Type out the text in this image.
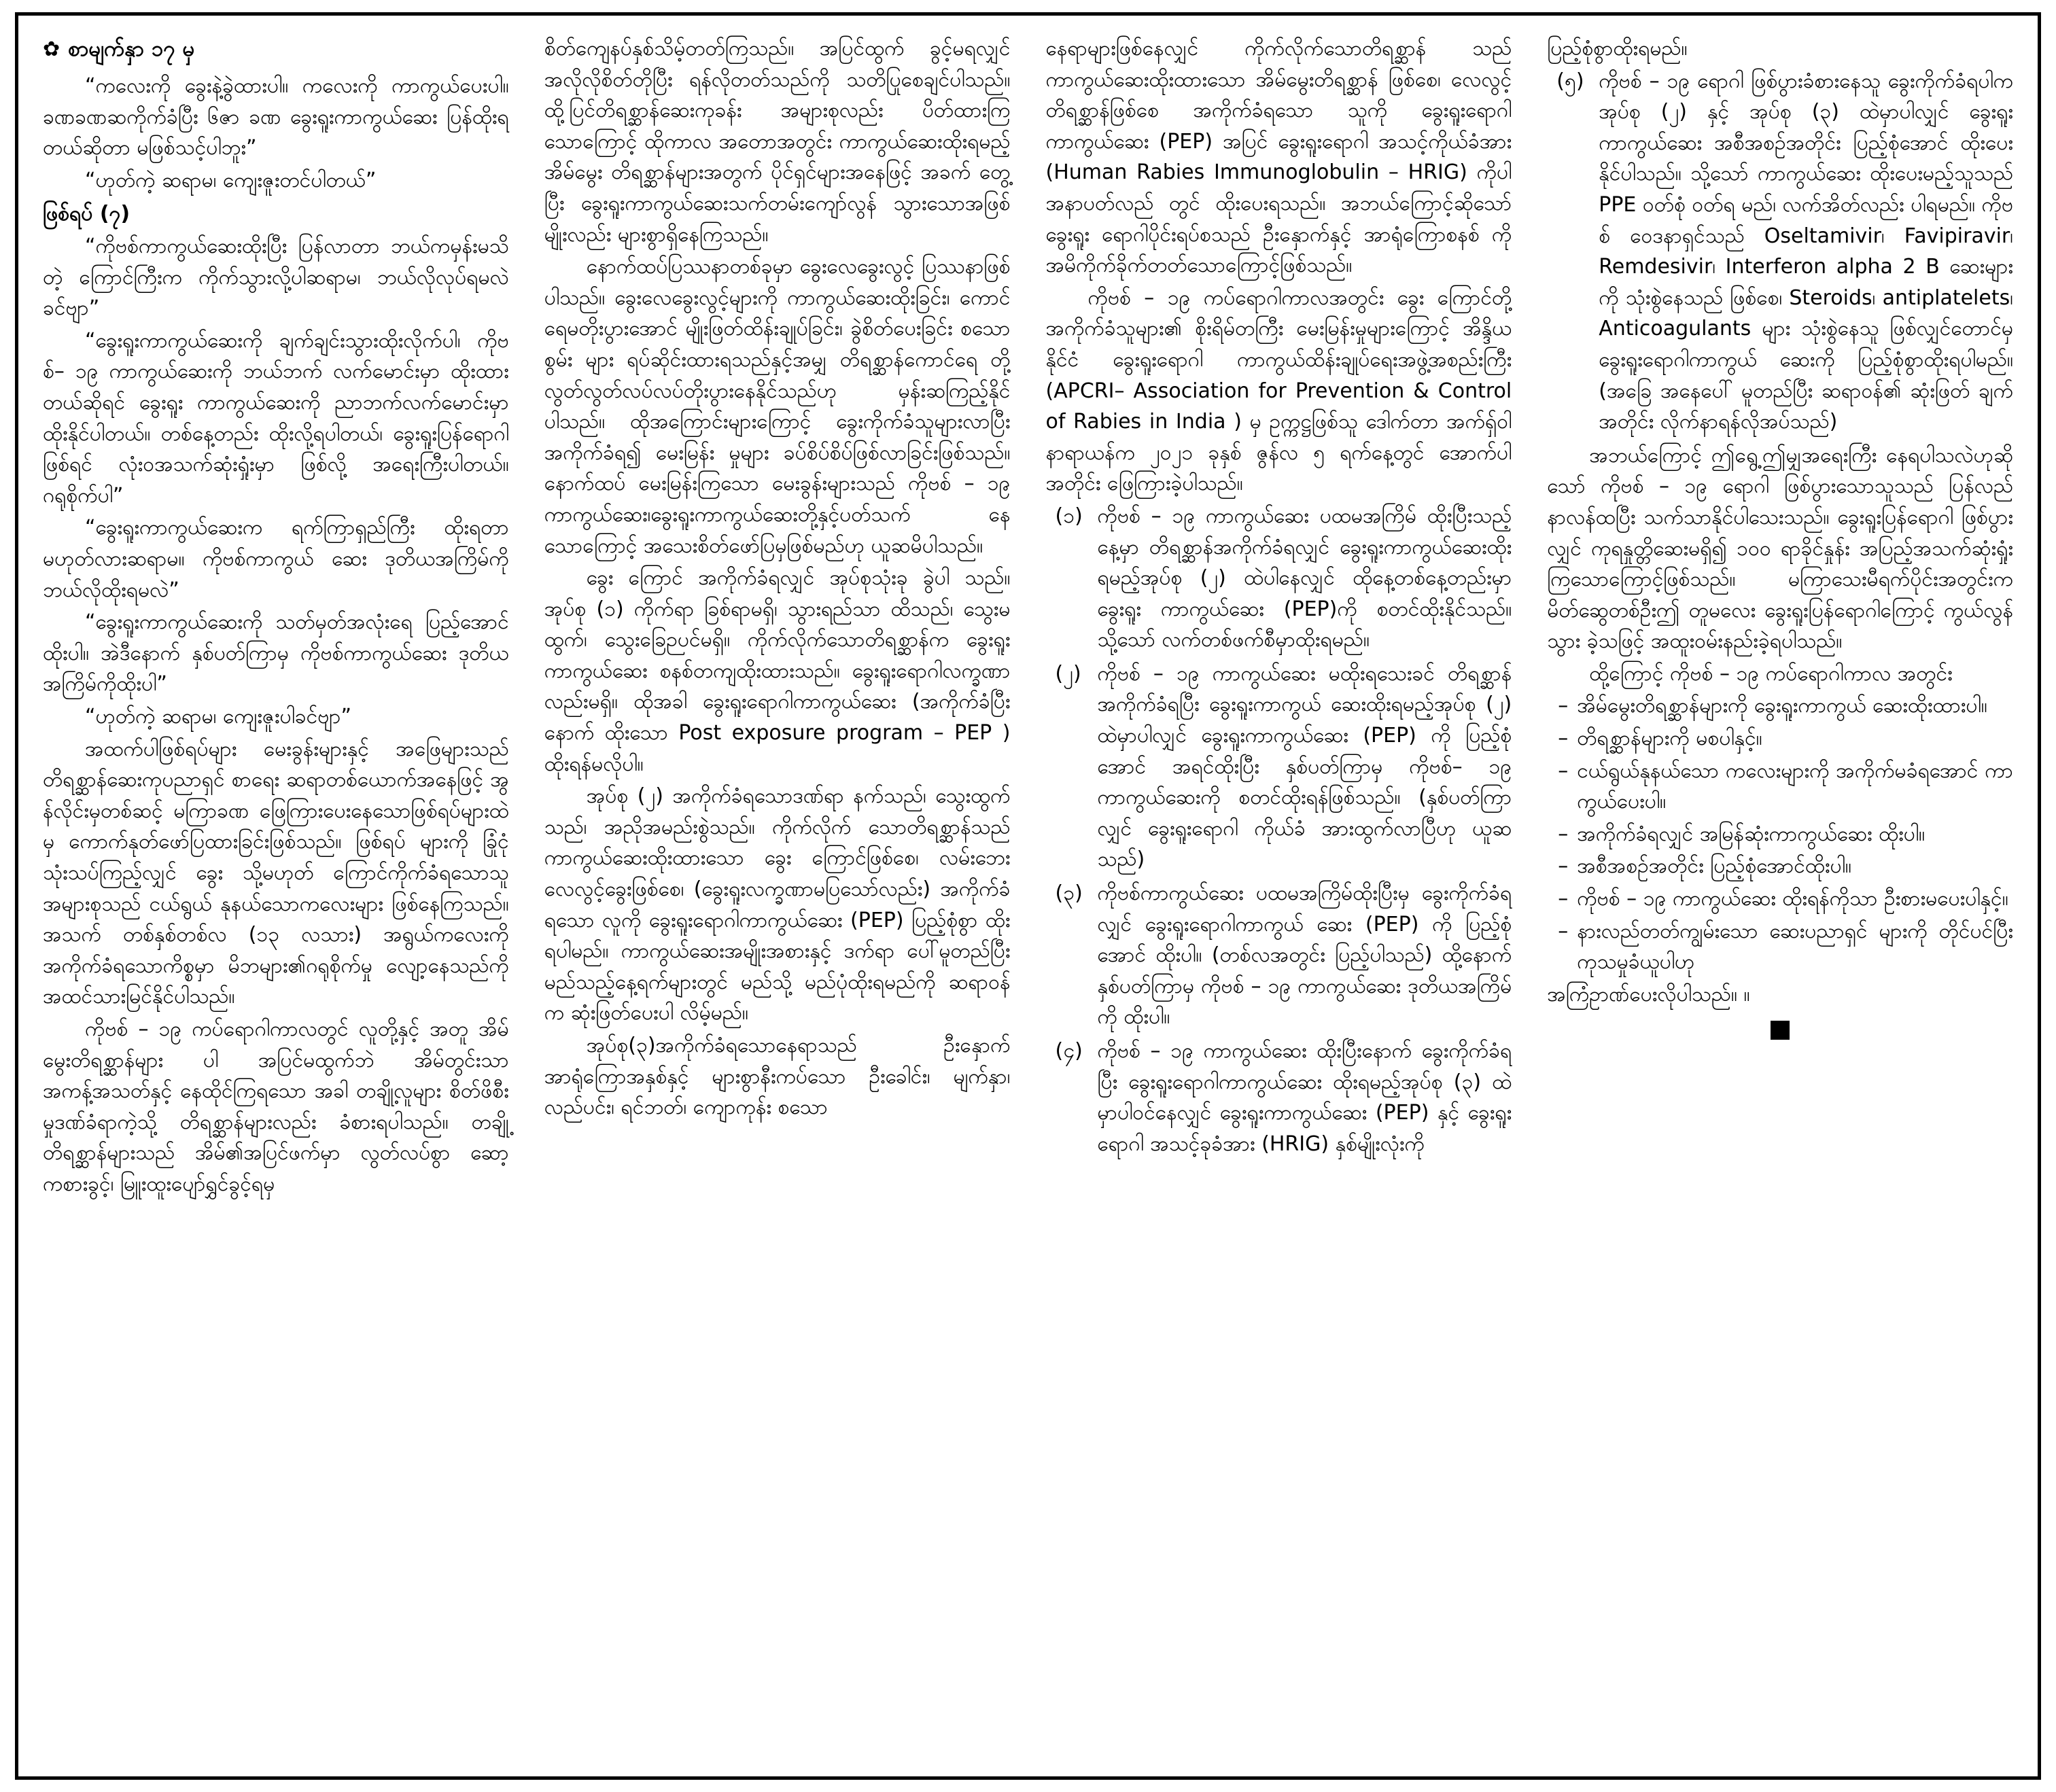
✿ စာမျက်နှာ ၁၇ မှ

“ကလေးကို ခွေးနဲ့ခွဲထားပါ။ ကလေးကို ကာကွယ်ပေးပါ။ ခဏခဏဆကိုက်ခံပြီး ၆ဇာ ခဏ ခွေးရူးကာကွယ်ဆေး ပြန်ထိုးရတယ်ဆိုတာ မဖြစ်သင့်ပါဘူး”

“ဟုတ်ကဲ့ ဆရာမ၊ ကျေးဇူးတင်ပါတယ်”

ဖြစ်ရပ် (၇)

“ကိုဗစ်ကာကွယ်ဆေးထိုးပြီး ပြန်လာတာ ဘယ်ကမှန်းမသိတဲ့ ကြောင်ကြီးက ကိုက်သွားလို့ပါဆရာမ၊ ဘယ်လိုလုပ်ရမလဲခင်ဗျာ”

“ခွေးရူးကာကွယ်ဆေးကို ချက်ချင်းသွားထိုးလိုက်ပါ၊ ကိုဗစ်– ၁၉ ကာကွယ်ဆေးကို ဘယ်ဘက် လက်မောင်းမှာ ထိုးထားတယ်ဆိုရင် ခွေးရူး ကာကွယ်ဆေးကို ညာဘက်လက်မောင်းမှာ ထိုးနိုင်ပါတယ်။ တစ်နေ့တည်း ထိုးလို့ရပါတယ်၊ ခွေးရူးပြန်ရောဂါဖြစ်ရင် လုံးဝအသက်ဆုံးရှုံးမှာ ဖြစ်လို့ အရေးကြီးပါတယ်။ ဂရုစိုက်ပါ”

“ခွေးရူးကာကွယ်ဆေးက ရက်ကြာရှည်ကြီး ထိုးရတာမဟုတ်လားဆရာမ။ ကိုဗစ်ကာကွယ် ဆေး ဒုတိယအကြိမ်ကို ဘယ်လိုထိုးရမလဲ”

“ခွေးရူးကာကွယ်ဆေးကို သတ်မှတ်အလုံးရေ ပြည့်အောင်ထိုးပါ။ အဲဒီနောက် နှစ်ပတ်ကြာမှ ကိုဗစ်ကာကွယ်ဆေး ဒုတိယအကြိမ်ကိုထိုးပါ”

“ဟုတ်ကဲ့ ဆရာမ၊ ကျေးဇူးပါခင်ဗျာ”

အထက်ပါဖြစ်ရပ်များ မေးခွန်းများနှင့် အဖြေများသည် တိရစ္ဆာန်ဆေးကုပညာရှင် စာရေး ဆရာတစ်ယောက်အနေဖြင့် အွန်လိုင်းမှတစ်ဆင့် မကြာခဏ ဖြေကြားပေးနေသောဖြစ်ရပ်များထဲ မှ ကောက်နုတ်ဖော်ပြထားခြင်းဖြစ်သည်။ ဖြစ်ရပ် များကို ခြုံငုံသုံးသပ်ကြည့်လျှင် ခွေး သို့မဟုတ် ကြောင်ကိုက်ခံရသောသူအများစုသည် ငယ်ရွယ် နုနယ်သောကလေးများ ဖြစ်နေကြသည်။ အသက် တစ်နှစ်တစ်လ (၁၃ လသား) အရွယ်ကလေးကို အကိုက်ခံရသောကိစ္စမှာ မိဘများ၏ဂရုစိုက်မှု လျော့နေသည်ကို အထင်သားမြင်နိုင်ပါသည်။

ကိုဗစ် – ၁၉ ကပ်ရောဂါကာလတွင် လူတို့နှင့် အတူ အိမ်မွေးတိရစ္ဆာန်များ ပါ အပြင်မထွက်ဘဲ အိမ်တွင်းသာ အကန့်အသတ်နှင့် နေထိုင်ကြရသော အခါ တချို့လူများ စိတ်ဖိစီးမှုဒဏ်ခံရာကဲ့သို့ တိရစ္ဆာန်များလည်း ခံစားရပါသည်။ တချို့ တိရစ္ဆာန်များသည် အိမ်၏အပြင်ဖက်မှာ လွတ်လပ်စွာ ဆော့ကစားခွင့်၊ မြူးထူးပျော်ရွှင်ခွင့်ရမှ

စိတ်ကျေနပ်နှစ်သိမ့်တတ်ကြသည်။ အပြင်ထွက် ခွင့်မရလျှင် အလိုလိုစိတ်တိုပြီး ရန်လိုတတ်သည်ကို သတိပြုစေချင်ပါသည်။ ထို့ပြင်တိရစ္ဆာန်ဆေးကုခန်း အများစုလည်း ပိတ်ထားကြသောကြောင့် ထိုကာလ အတောအတွင်း ကာကွယ်ဆေးထိုးရမည့် အိမ်မွေး တိရစ္ဆာန်များအတွက် ပိုင်ရှင်များအနေဖြင့် အခက် တွေ့ပြီး ခွေးရူးကာကွယ်ဆေးသက်တမ်းကျော်လွန် သွားသောအဖြစ်မျိုးလည်း များစွာရှိနေကြသည်။

နောက်ထပ်ပြဿနာတစ်ခုမှာ ခွေးလေခွေးလွင့် ပြဿနာဖြစ်ပါသည်။ ခွေးလေခွေးလွင့်များကို ကာကွယ်ဆေးထိုးခြင်း၊ ကောင်ရေမတိုးပွားအောင် မျိုးဖြတ်ထိန်းချုပ်ခြင်း၊ ခွဲစိတ်ပေးခြင်း စသောစွမ်း များ ရပ်ဆိုင်းထားရသည်နှင့်အမျှ တိရစ္ဆာန်ကောင်ရေ တို့ လွတ်လွတ်လပ်လပ်တိုးပွားနေနိုင်သည်ဟု မှန်းဆကြည့်နိုင်ပါသည်။ ထိုအကြောင်းများကြောင့် ခွေးကိုက်ခံသူများလာပြီး အကိုက်ခံရ၍ မေးမြန်း မှုများ ခပ်စိပ်စိပ်ဖြစ်လာခြင်းဖြစ်သည်။ နောက်ထပ် မေးမြန်းကြသော မေးခွန်းများသည် ကိုဗစ် – ၁၉ ကာကွယ်ဆေး၊ခွေးရူးကာကွယ်ဆေးတို့နှင့်ပတ်သက် နေသောကြောင့် အသေးစိတ်ဖော်ပြမှဖြစ်မည်ဟု ယူဆမိပါသည်။

ခွေး ကြောင် အကိုက်ခံရလျှင် အုပ်စုသုံးခု ခွဲပါ သည်။ အုပ်စု (၁) ကိုက်ရာ ခြစ်ရာမရှိ၊ သွားရည်သာ ထိသည်၊ သွေးမထွက်၊ သွေးခြေဉပင်မရှိ။ ကိုက်လိုက်သောတိရစ္ဆာန်က ခွေးရူးကာကွယ်ဆေး စနစ်တကျထိုးထားသည်။ ခွေးရူးရောဂါလက္ခဏာ လည်းမရှိ။ ထိုအခါ ခွေးရူးရောဂါကာကွယ်ဆေး (အကိုက်ခံပြီးနောက် ထိုးသော Post exposure program – PEP ) ထိုးရန်မလိုပါ။

အုပ်စု (၂) အကိုက်ခံရသောဒဏ်ရာ နက်သည်၊ သွေးထွက်သည်၊ အညိုအမည်းစွဲသည်။ ကိုက်လိုက် သောတိရစ္ဆာန်သည် ကာကွယ်ဆေးထိုးထားသော ခွေး ကြောင်ဖြစ်စေ၊ လမ်းဘေး လေလွင့်ခွေးဖြစ်စေ၊ (ခွေးရူးလက္ခဏာမပြသော်လည်း) အကိုက်ခံရသော လူကို ခွေးရူးရောဂါကာကွယ်ဆေး (PEP) ပြည့်စုံစွာ ထိုးရပါမည်။ ကာကွယ်ဆေးအမျိုးအစားနှင့် ဒက်ရာ ပေါ်မူတည်ပြီး မည်သည့်နေ့ရက်များတွင် မည်သို့ မည်ပုံထိုးရမည်ကို ဆရာဝန်က ဆုံးဖြတ်ပေးပါ လိမ့်မည်။

အုပ်စု(၃)အကိုက်ခံရသောနေရာသည် ဦးနှောက် အာရုံကြောအနှစ်နှင့် များစွာနီးကပ်သော ဦးခေါင်း၊ မျက်နှာ၊ လည်ပင်း၊ ရင်ဘတ်၊ ကျောကုန်း စသော

နေရာများဖြစ်နေလျှင် ကိုက်လိုက်သောတိရစ္ဆာန် သည် ကာကွယ်ဆေးထိုးထားသော အိမ်မွေးတိရစ္ဆာန် ဖြစ်စေ၊ လေလွင့်တိရစ္ဆာန်ဖြစ်စေ အကိုက်ခံရသော သူကို ခွေးရူးရောဂါကာကွယ်ဆေး (PEP) အပြင် ခွေးရူးရောဂါ အသင့်ကိုယ်ခံအား (Human Rabies Immunoglobulin – HRIG) ကိုပါ အနာပတ်လည် တွင် ထိုးပေးရသည်။ အဘယ်ကြောင့်ဆိုသော် ခွေးရူး ရောဂါပိုင်းရပ်စသည် ဦးနှောက်နှင့် အာရုံကြောစနစ် ကို အမိကိုက်ခိုက်တတ်သောကြောင့်ဖြစ်သည်။

ကိုဗစ် – ၁၉ ကပ်ရောဂါကာလအတွင်း ခွေး ကြောင်တို့ အကိုက်ခံသူများ၏ စိုးရိမ်တကြီး မေးမြန်းမှုများကြောင့် အိန္ဒိယနိုင်ငံ ခွေးရူးရောဂါ ကာကွယ်ထိန်းချုပ်ရေးအဖွဲ့အစည်းကြီး (APCRI– Association for Prevention & Control of Rabies in India ) မှ ဥက္ကဋ္ဌဖြစ်သူ ဒေါက်တာ အက်ရှ်ဝါနာရာယန်က ၂၀၂၁ ခုနှစ် ဇွန်လ ၅ ရက်နေ့တွင် အောက်ပါအတိုင်း ဖြေကြားခဲ့ပါသည်။

(၁) ကိုဗစ် – ၁၉ ကာကွယ်ဆေး ပထမအကြိမ် ထိုးပြီးသည့်နေ့မှာ တိရစ္ဆာန်အကိုက်ခံရလျှင် ခွေးရူးကာကွယ်ဆေးထိုးရမည့်အုပ်စု (၂) ထဲပါနေလျှင် ထိုနေ့တစ်နေ့တည်းမှာ ခွေးရူး ကာကွယ်ဆေး (PEP)ကို စတင်ထိုးနိုင်သည်။ သို့သော် လက်တစ်ဖက်စီမှာထိုးရမည်။
(၂) ကိုဗစ် – ၁၉ ကာကွယ်ဆေး မထိုးရသေးခင် တိရစ္ဆာန်အကိုက်ခံရပြီး ခွေးရူးကာကွယ် ဆေးထိုးရမည့်အုပ်စု (၂) ထဲမှာပါလျှင် ခွေးရူးကာကွယ်ဆေး (PEP) ကို ပြည့်စုံ အောင် အရင်ထိုးပြီး နှစ်ပတ်ကြာမှ ကိုဗစ်– ၁၉ ကာကွယ်ဆေးကို စတင်ထိုးရန်ဖြစ်သည်။ (နှစ်ပတ်ကြာလျှင် ခွေးရူးရောဂါ ကိုယ်ခံ အားထွက်လာပြီဟု ယူဆသည်)
(၃) ကိုဗစ်ကာကွယ်ဆေး ပထမအကြိမ်ထိုးပြီးမှ ခွေးကိုက်ခံရလျှင် ခွေးရူးရောဂါကာကွယ် ဆေး (PEP) ကို ပြည့်စုံအောင် ထိုးပါ။ (တစ်လအတွင်း ပြည့်ပါသည်) ထို့နောက် နှစ်ပတ်ကြာမှ ကိုဗစ် – ၁၉ ကာကွယ်ဆေး ဒုတိယအကြိမ်ကို ထိုးပါ။
(၄) ကိုဗစ် – ၁၉ ကာကွယ်ဆေး ထိုးပြီးနောက် ခွေးကိုက်ခံရပြီး ခွေးရူးရောဂါကာကွယ်ဆေး ထိုးရမည့်အုပ်စု (၃) ထဲမှာပါဝင်နေလျှင် ခွေးရူးကာကွယ်ဆေး (PEP) နှင့် ခွေးရူး ရောဂါ အသင့်ခုခံအား (HRIG) နှစ်မျိုးလုံးကို

ပြည့်စုံစွာထိုးရမည်။

(၅) ကိုဗစ် – ၁၉ ရောဂါ ဖြစ်ပွားခံစားနေသူ ခွေးကိုက်ခံရပါက အုပ်စု (၂) နှင့် အုပ်စု (၃) ထဲမှာပါလျှင် ခွေးရူးကာကွယ်ဆေး အစီအစဉ်အတိုင်း ပြည့်စုံအောင် ထိုးပေး နိုင်ပါသည်။ သို့သော် ကာကွယ်ဆေး ထိုးပေးမည့်သူသည် PPE ဝတ်စုံ ဝတ်ရ မည်၊ လက်အိတ်လည်း ပါရမည်။ ကိုဗစ် ဝေဒနာရှင်သည် Oseltamivir၊ Favipiravir၊ Remdesivir၊ Interferon alpha 2 B ဆေးများကို သုံးစွဲနေသည် ဖြစ်စေ၊ Steroids၊ antiplatelets၊ Anticoagulants များ သုံးစွဲနေသူ ဖြစ်လျှင်တောင်မှ ခွေးရူးရောဂါကာကွယ် ဆေးကို ပြည့်စုံစွာထိုးရပါမည်။ (အခြေ အနေပေါ် မူတည်ပြီး ဆရာဝန်၏ ဆုံးဖြတ် ချက်အတိုင်း လိုက်နာရန်လိုအပ်သည်)

အဘယ်ကြောင့် ဤရွေ့ဤမျှအရေးကြီး နေရပါသလဲဟုဆိုသော် ကိုဗစ် – ၁၉ ရောဂါ ဖြစ်ပွားသောသူသည် ပြန်လည်နာလန်ထပြီး သက်သာနိုင်ပါသေးသည်။ ခွေးရူးပြန်ရောဂါ ဖြစ်ပွားလျှင် ကုရနှုတ္တိဆေးမရှိ၍ ၁၀၀ ရာခိုင်နှုန်း အပြည့်အသက်ဆုံးရှုံးကြသောကြောင့်ဖြစ်သည်။ မကြာသေးမီရက်ပိုင်းအတွင်းက မိတ်ဆွေတစ်ဦးဤ တူမလေး ခွေးရူးပြန်ရောဂါကြောင့် ကွယ်လွန်သွား ခဲ့သဖြင့် အထူးဝမ်းနည်းခဲ့ရပါသည်။

ထို့ကြောင့် ကိုဗစ် – ၁၉ ကပ်ရောဂါကာလ အတွင်း

– အိမ်မွေးတိရစ္ဆာန်များကို ခွေးရူးကာကွယ် ဆေးထိုးထားပါ။
– တိရစ္ဆာန်များကို မစပါနှင့်။
– ငယ်ရွယ်နုနယ်သော ကလေးများကို အကိုက်မခံရအောင် ကာကွယ်ပေးပါ။
– အကိုက်ခံရလျှင် အမြန်ဆုံးကာကွယ်ဆေး ထိုးပါ။
– အစီအစဉ်အတိုင်း ပြည့်စုံအောင်ထိုးပါ။
– ကိုဗစ် – ၁၉ ကာကွယ်ဆေး ထိုးရန်ကိုသာ ဦးစားမပေးပါနှင့်။
– နားလည်တတ်ကျွမ်းသော ဆေးပညာရှင် များကို တိုင်ပင်ပြီး ကုသမှုခံယူပါဟု

အကြံဥာဏ်ပေးလိုပါသည်။ ။
